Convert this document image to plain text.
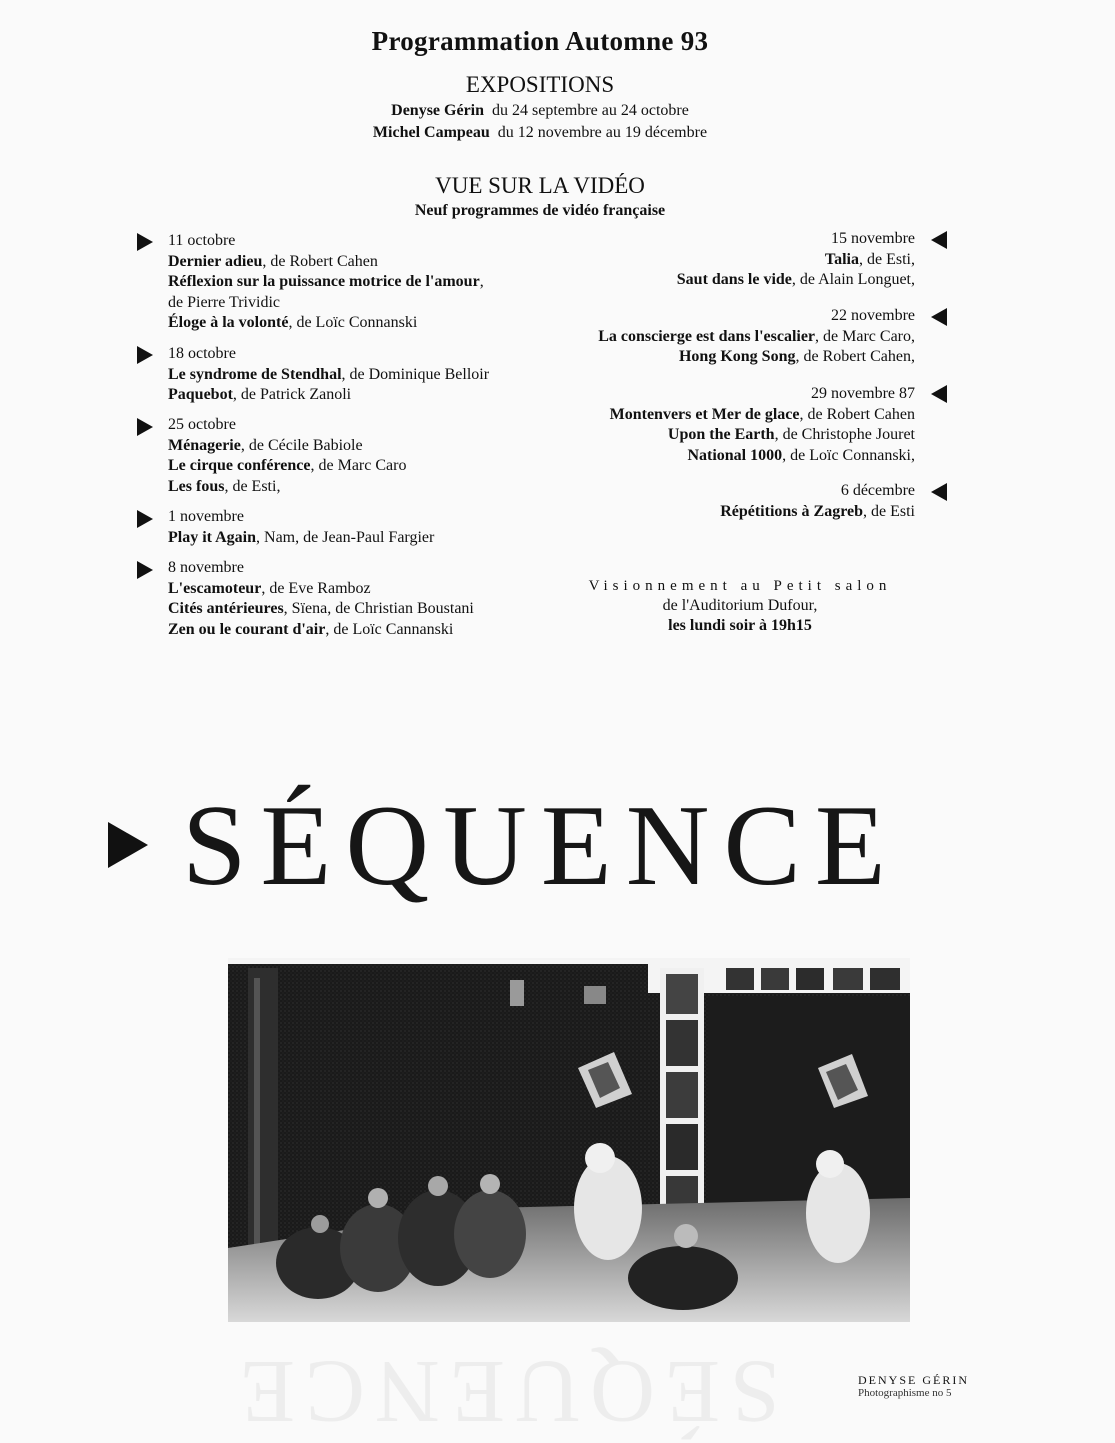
SÉQUENCE
Programmation Automne 93
EXPOSITIONS
Denyse Gérin du 24 septembre au 24 octobre
Michel Campeau du 12 novembre au 19 décembre
VUE SUR LA VIDÉO
Neuf programmes de vidéo française
11 octobre
Dernier adieu, de Robert Cahen
Réflexion sur la puissance motrice de l'amour,
de Pierre Trividic
Éloge à la volonté, de Loïc Connanski
18 octobre
Le syndrome de Stendhal, de Dominique Belloir
Paquebot, de Patrick Zanoli
25 octobre
Ménagerie, de Cécile Babiole
Le cirque conférence, de Marc Caro
Les fous, de Esti,
1 novembre
Play it Again, Nam, de Jean-Paul Fargier
8 novembre
L'escamoteur, de Eve Ramboz
Cités antérieures, Sïena, de Christian Boustani
Zen ou le courant d'air, de Loïc Cannanski
15 novembre
Talia, de Esti,
Saut dans le vide, de Alain Longuet,
22 novembre
La conscierge est dans l'escalier, de Marc Caro,
Hong Kong Song, de Robert Cahen,
29 novembre 87
Montenvers et Mer de glace, de Robert Cahen
Upon the Earth, de Christophe Jouret
National 1000, de Loïc Connanski,
6 décembre
Répétitions à Zagreb, de Esti
Visionnement au Petit salon
de l'Auditorium Dufour,
les lundi soir à 19h15
SÉQUENCE
DENYSE GÉRIN
Photographisme no 5
